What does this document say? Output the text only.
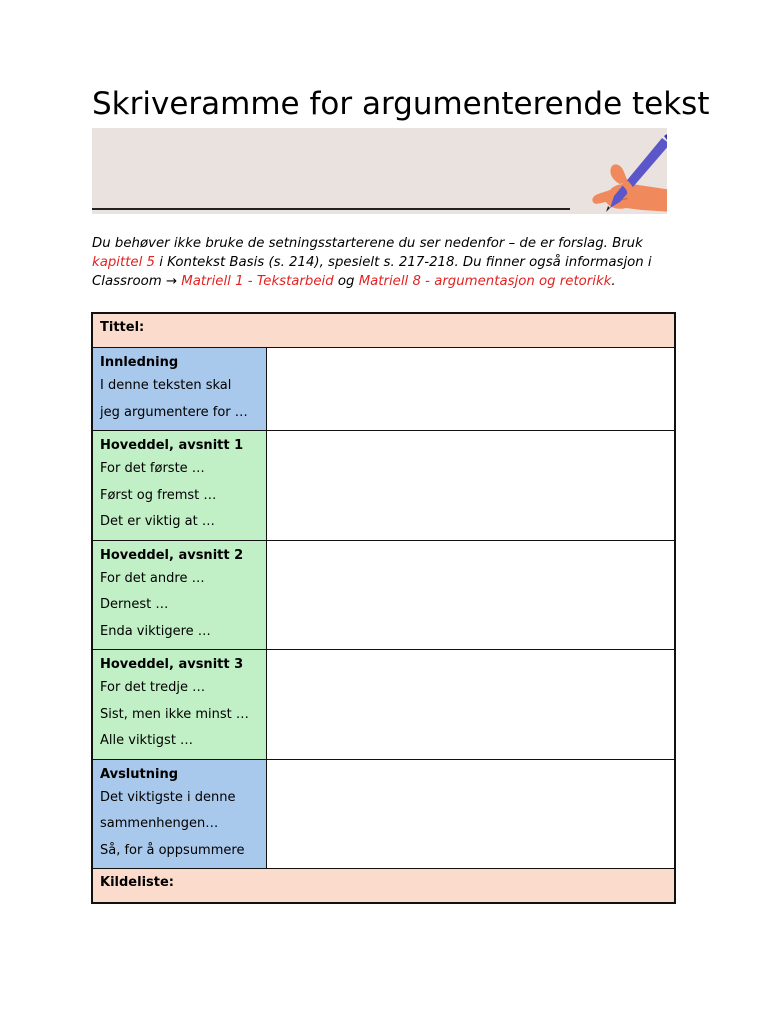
Skriveramme for argumenterende tekst

Du behøver ikke bruke de setningsstarterene du ser nedenfor – de er forslag. Bruk kapittel 5 i Kontekst Basis (s. 214), spesielt s. 217-218. Du finner også informasjon i Classroom → Matriell 1 - Tekstarbeid og Matriell 8 - argumentasjon og retorikk.

Tittel:	

Innledning
I denne teksten skal
jeg argumentere for …	

Hoveddel, avsnitt 1
For det første …
Først og fremst …
Det er viktig at …	

Hoveddel, avsnitt 2
For det andre …
Dernest …
Enda viktigere …	

Hoveddel, avsnitt 3
For det tredje …
Sist, men ikke minst …
Alle viktigst …	

Avslutning
Det viktigste i denne
sammenhengen…
Så, for å oppsummere	

Kildeliste:	
